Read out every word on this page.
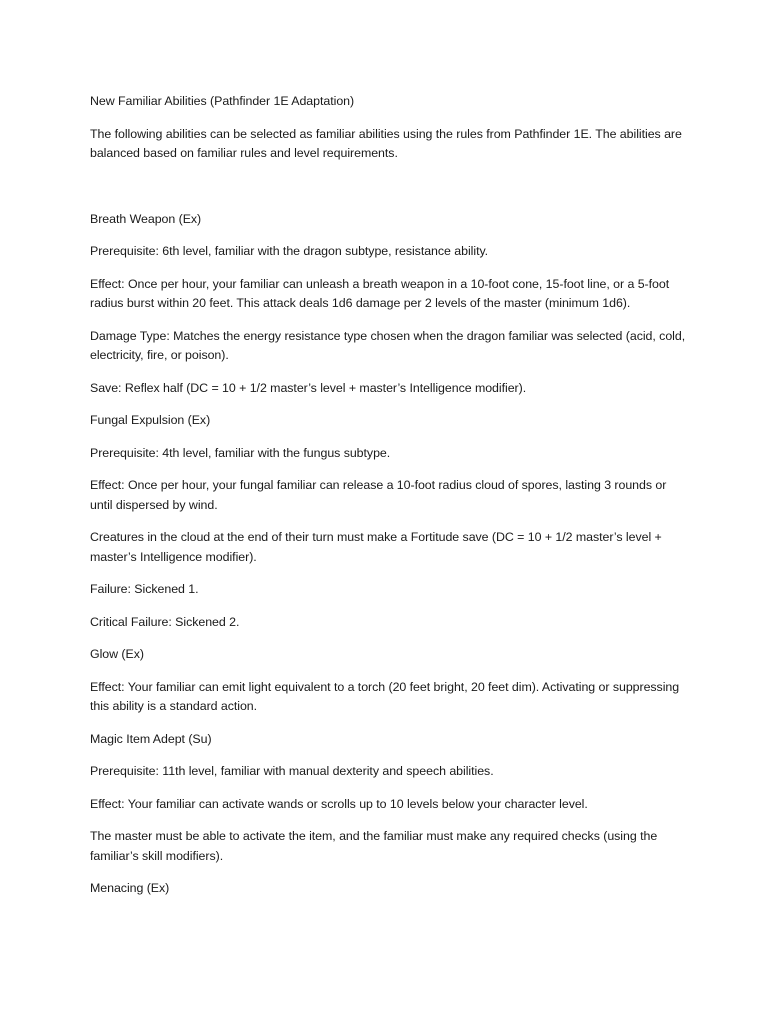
New Familiar Abilities (Pathfinder 1E Adaptation)

The following abilities can be selected as familiar abilities using the rules from Pathfinder 1E. The abilities are balanced based on familiar rules and level requirements.

Breath Weapon (Ex)

Prerequisite: 6th level, familiar with the dragon subtype, resistance ability.

Effect: Once per hour, your familiar can unleash a breath weapon in a 10-foot cone, 15-foot line, or a 5-foot radius burst within 20 feet. This attack deals 1d6 damage per 2 levels of the master (minimum 1d6).

Damage Type: Matches the energy resistance type chosen when the dragon familiar was selected (acid, cold, electricity, fire, or poison).

Save: Reflex half (DC = 10 + 1/2 master’s level + master’s Intelligence modifier).

Fungal Expulsion (Ex)

Prerequisite: 4th level, familiar with the fungus subtype.

Effect: Once per hour, your fungal familiar can release a 10-foot radius cloud of spores, lasting 3 rounds or until dispersed by wind.

Creatures in the cloud at the end of their turn must make a Fortitude save (DC = 10 + 1/2 master’s level + master’s Intelligence modifier).

Failure: Sickened 1.

Critical Failure: Sickened 2.

Glow (Ex)

Effect: Your familiar can emit light equivalent to a torch (20 feet bright, 20 feet dim). Activating or suppressing this ability is a standard action.

Magic Item Adept (Su)

Prerequisite: 11th level, familiar with manual dexterity and speech abilities.

Effect: Your familiar can activate wands or scrolls up to 10 levels below your character level.

The master must be able to activate the item, and the familiar must make any required checks (using the familiar’s skill modifiers).

Menacing (Ex)
